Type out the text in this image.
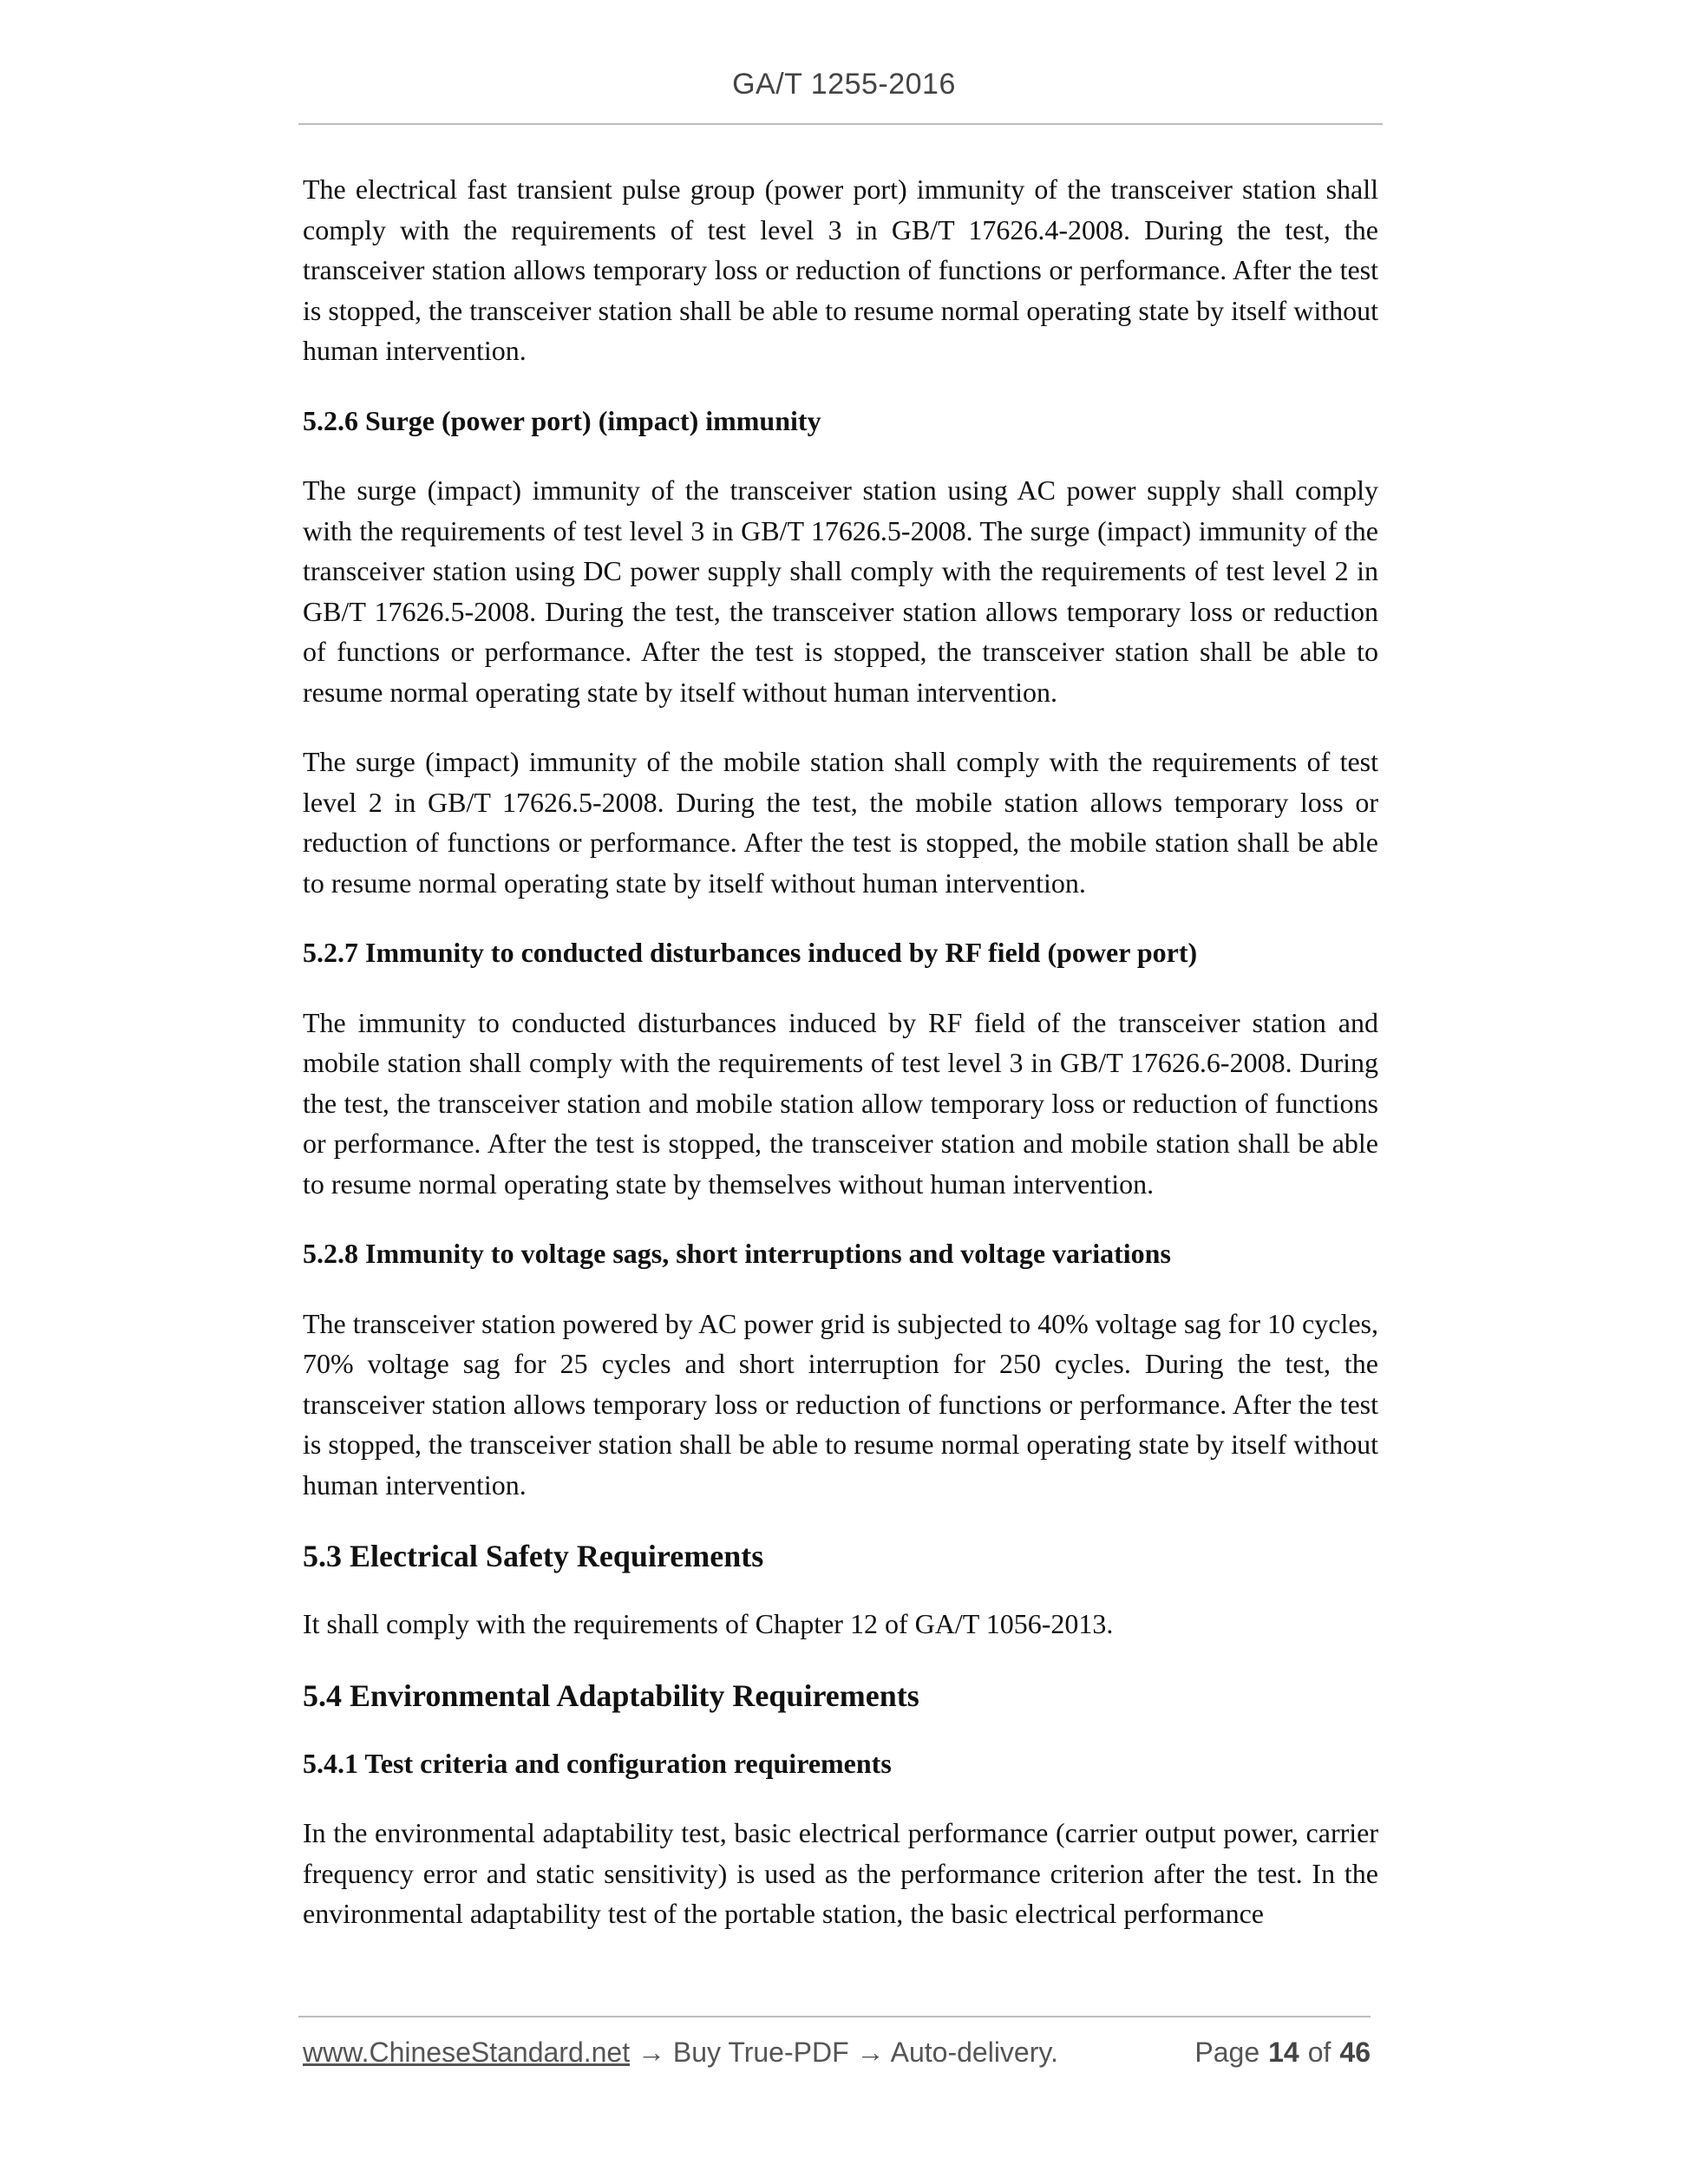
GA/T 1255-2016

The electrical fast transient pulse group (power port) immunity of the transceiver station shall comply with the requirements of test level 3 in GB/T 17626.4-2008. During the test, the transceiver station allows temporary loss or reduction of functions or performance. After the test is stopped, the transceiver station shall be able to resume normal operating state by itself without human intervention.

5.2.6 Surge (power port) (impact) immunity

The surge (impact) immunity of the transceiver station using AC power supply shall comply with the requirements of test level 3 in GB/T 17626.5-2008. The surge (impact) immunity of the transceiver station using DC power supply shall comply with the requirements of test level 2 in GB/T 17626.5-2008. During the test, the transceiver station allows temporary loss or reduction of functions or performance. After the test is stopped, the transceiver station shall be able to resume normal operating state by itself without human intervention.

The surge (impact) immunity of the mobile station shall comply with the requirements of test level 2 in GB/T 17626.5-2008. During the test, the mobile station allows temporary loss or reduction of functions or performance. After the test is stopped, the mobile station shall be able to resume normal operating state by itself without human intervention.

5.2.7 Immunity to conducted disturbances induced by RF field (power port)

The immunity to conducted disturbances induced by RF field of the transceiver station and mobile station shall comply with the requirements of test level 3 in GB/T 17626.6-2008. During the test, the transceiver station and mobile station allow temporary loss or reduction of functions or performance. After the test is stopped, the transceiver station and mobile station shall be able to resume normal operating state by themselves without human intervention.

5.2.8 Immunity to voltage sags, short interruptions and voltage variations

The transceiver station powered by AC power grid is subjected to 40% voltage sag for 10 cycles, 70% voltage sag for 25 cycles and short interruption for 250 cycles. During the test, the transceiver station allows temporary loss or reduction of functions or performance. After the test is stopped, the transceiver station shall be able to resume normal operating state by itself without human intervention.

5.3 Electrical Safety Requirements

It shall comply with the requirements of Chapter 12 of GA/T 1056-2013.

5.4 Environmental Adaptability Requirements
5.4.1 Test criteria and configuration requirements

In the environmental adaptability test, basic electrical performance (carrier output power, carrier frequency error and static sensitivity) is used as the performance criterion after the test. In the environmental adaptability test of the portable station, the basic electrical performance

www.ChineseStandard.net → Buy True-PDF → Auto-delivery.	Page 14 of 46
